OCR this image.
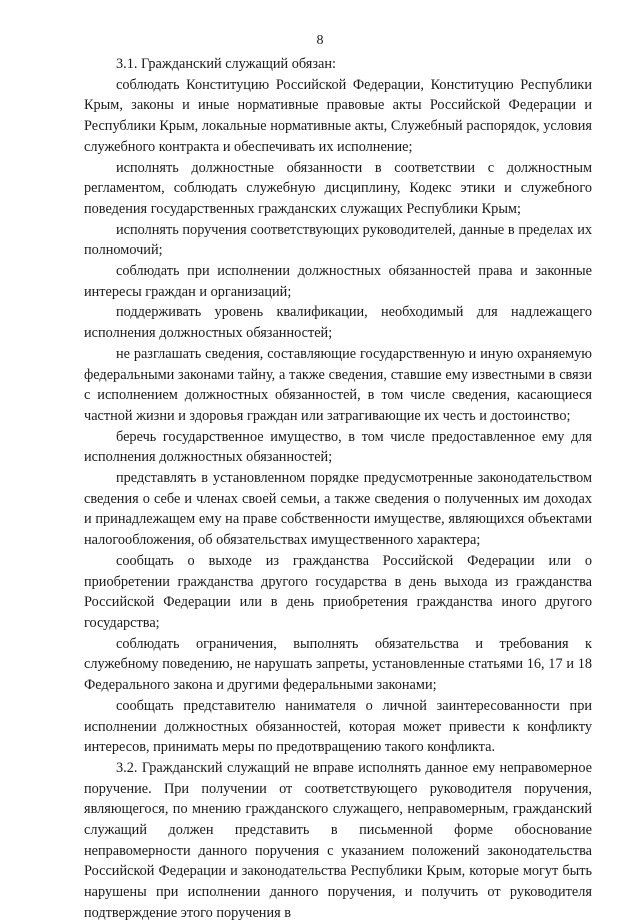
8

3.1. Гражданский служащий обязан:

соблюдать Конституцию Российской Федерации, Конституцию Республики Крым, законы и иные нормативные правовые акты Российской Федерации и Республики Крым, локальные нормативные акты, Служебный распорядок, условия служебного контракта и обеспечивать их исполнение;

исполнять должностные обязанности в соответствии с должностным регламентом, соблюдать служебную дисциплину, Кодекс этики и служебного поведения государственных гражданских служащих Республики Крым;

исполнять поручения соответствующих руководителей, данные в пределах их полномочий;

соблюдать при исполнении должностных обязанностей права и законные интересы граждан и организаций;

поддерживать уровень квалификации, необходимый для надлежащего исполнения должностных обязанностей;

не разглашать сведения, составляющие государственную и иную охраняемую федеральными законами тайну, а также сведения, ставшие ему известными в связи с исполнением должностных обязанностей, в том числе сведения, касающиеся частной жизни и здоровья граждан или затрагивающие их честь и достоинство;

беречь государственное имущество, в том числе предоставленное ему для исполнения должностных обязанностей;

представлять в установленном порядке предусмотренные законодательством сведения о себе и членах своей семьи, а также сведения о полученных им доходах и принадлежащем ему на праве собственности имуществе, являющихся объектами налогообложения, об обязательствах имущественного характера;

сообщать о выходе из гражданства Российской Федерации или о приобретении гражданства другого государства в день выхода из гражданства Российской Федерации или в день приобретения гражданства иного другого государства;

соблюдать ограничения, выполнять обязательства и требования к служебному поведению, не нарушать запреты, установленные статьями 16, 17 и 18 Федерального закона и другими федеральными законами;

сообщать представителю нанимателя о личной заинтересованности при исполнении должностных обязанностей, которая может привести к конфликту интересов, принимать меры по предотвращению такого конфликта.

3.2. Гражданский служащий не вправе исполнять данное ему неправомерное поручение. При получении от соответствующего руководителя поручения, являющегося, по мнению гражданского служащего, неправомерным, гражданский служащий должен представить в письменной форме обоснование неправомерности данного поручения с указанием положений законодательства Российской Федерации и законодательства Республики Крым, которые могут быть нарушены при исполнении данного поручения, и получить от руководителя подтверждение этого поручения в
